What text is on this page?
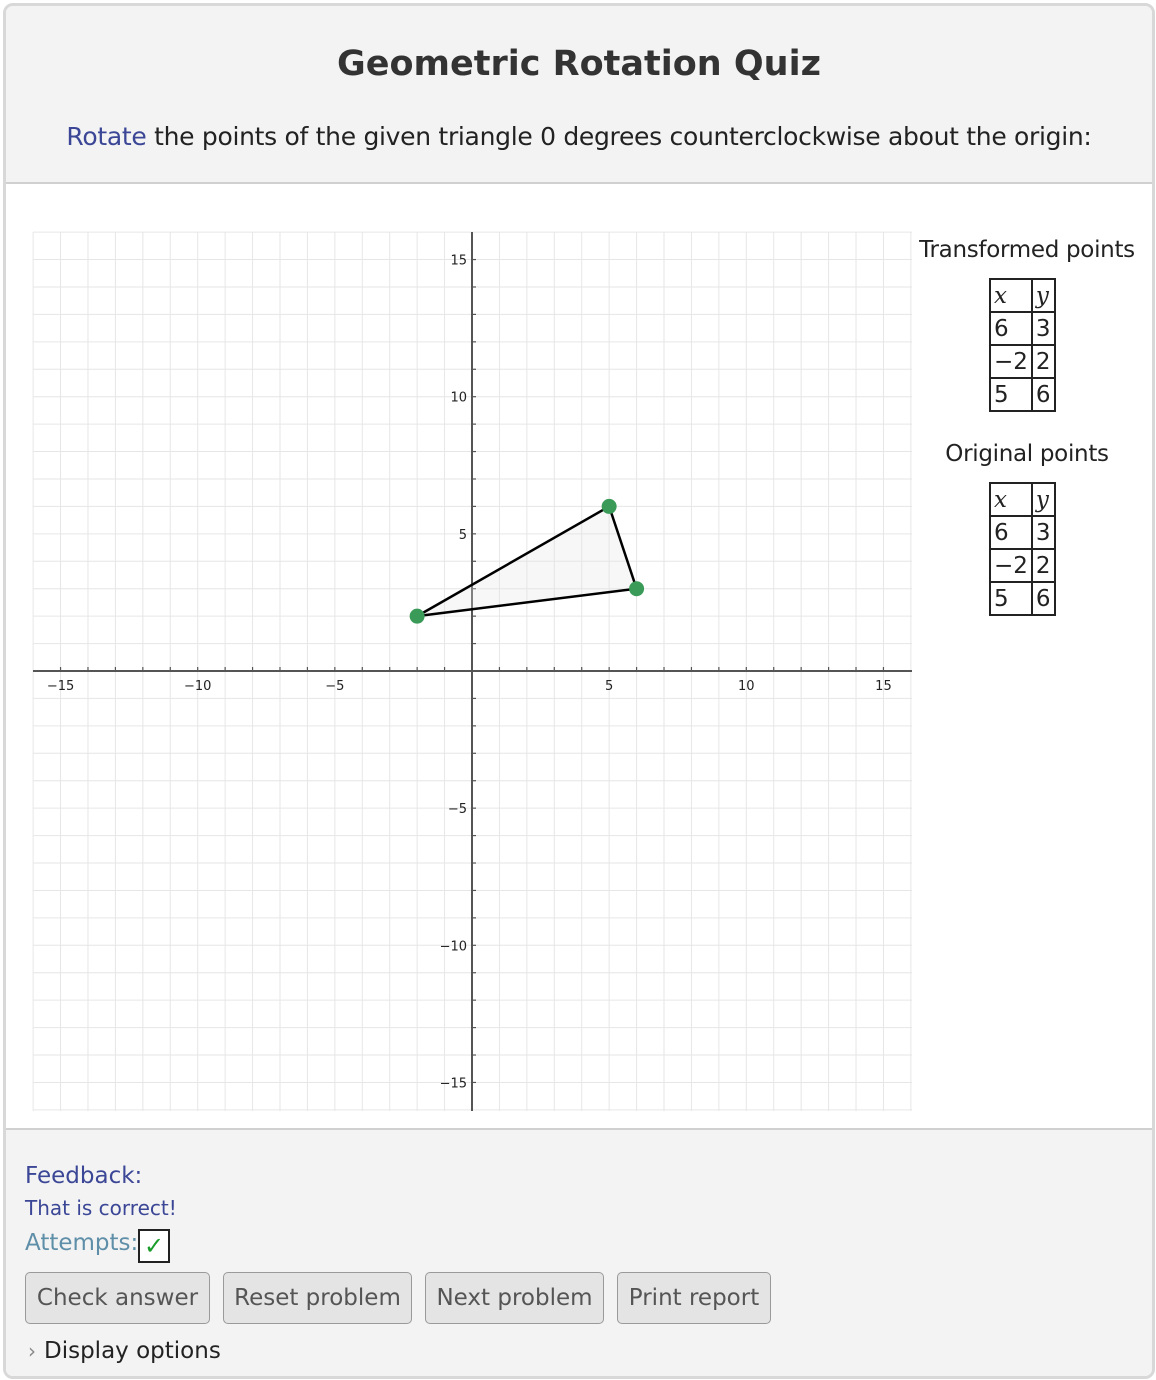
Geometric Rotation Quiz
Rotate the points of the given triangle 0 degrees counterclockwise about the origin:
−15	−10	−5	5	10	15
15
10
5
−5
−10
−15
Transformed points
x	y
6	3
−2	2
5	6
Original points
x	y
6	3
−2	2
5	6
Feedback:
That is correct!
Attempts: ✓
Check answer	Reset problem	Next problem	Print report
› Display options
